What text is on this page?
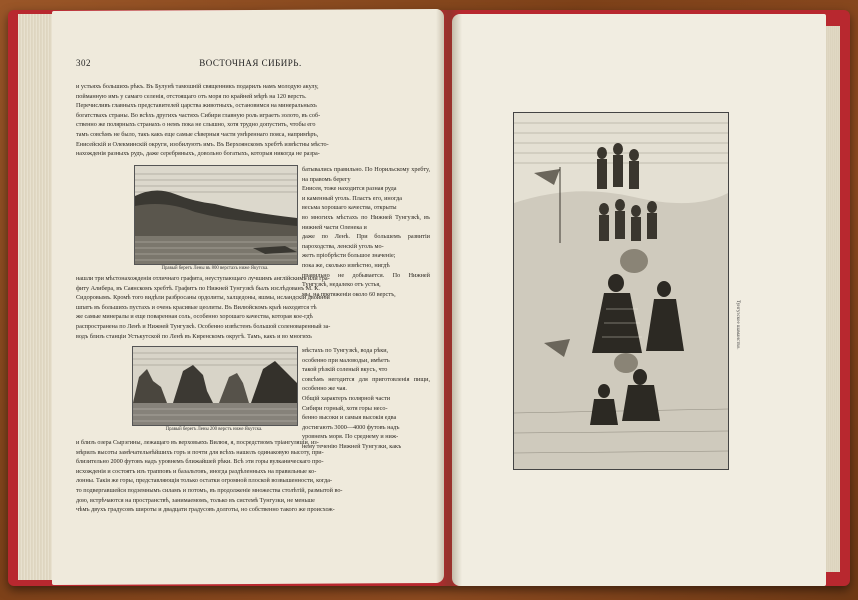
302	ВОСТОЧНАЯ СИБИРЬ.

и устьяхъ большихъ рѣкъ. Въ Булунѣ тамошній священникъ подарилъ намъ молодую акулу,

пойманную имъ у самаго селенія, отстоящаго отъ моря по крайней мѣрѣ на 120 верстъ.

Перечисливъ главныхъ представителей царства животныхъ, остановимся на минеральныхъ

богатствахъ страны. Во всѣхъ другихъ частяхъ Сибири главную роль играетъ золото, въ соб-

ственно же полярныхъ странахъ о немъ пока не слышно, хотя трудно допустить, чтобы его

тамъ совсѣмъ не было, такъ какъ еще самые сѣверныя части умѣреннаго пояса, напримѣръ,

Енисейскій и Олекминскій округи, изобилуютъ имъ. Въ Верхоянскомъ хребтѣ извѣстны мѣсто-

нахожденія разныхъ рудъ, даже серебряныхъ, довольно богатыхъ, которыя никогда не разра-

Правый берегъ Лены въ 800 верстахъ ниже Якутска.

батывались правильно. По Норильскому хребту, на правомъ берегу

Енисея, тоже находится разная руда

и каменный уголь. Пластъ его, иногда

весьма хорошаго качества, открыты

во многихъ мѣстахъ по Нижней Тунгузкѣ, въ нижней части Оленека и

даже по Ленѣ. При большемъ развитіи пароходства, ленскій уголь мо-

жетъ пріобрѣсти большое значеніе;

пока же, сколько извѣстно, нигдѣ

правильно не добывается. По Нижней Тунгузкѣ, недалеко отъ устья,

мы, на протяженіи около 60 верстъ,

нашли три мѣстонахожденія отличнаго графита, неуступающаго лучшимъ англійскимъ или гра-

фиту Алибера, въ Саянскомъ хребтѣ. Графитъ по Нижней Тунгузкѣ былъ изслѣдованъ М. К.

Сидоровымъ. Кромѣ того видѣли разбросаны ордолиты, халцедоны, яшмы, исландскій двойной

шпатъ въ большихъ пустахъ и очень красивые цеолиты. Въ Вилюйскомъ краѣ находятся тѣ

же самые минералы и еще поваренная соль, особенно хорошаго качества, которая кое-гдѣ

распространена по Ленѣ и Нижней Тунгузкѣ. Особенно извѣстенъ большой соленоваренный за-

водъ близъ станціи Устькутской по Ленѣ въ Киренскомъ округѣ. Тамъ, какъ и во многихъ

Правый берегъ Лены 200 верстъ ниже Якутска.

мѣстахъ по Тунгузкѣ, вода рѣки,

особенно при маловодьи, имѣетъ

такой рѣзкій соленый вкусъ, что

совсѣмъ негодится для приготовленія пищи, особенно же чая.

Общій характеръ полярной части

Сибири горный, хотя горы несо-

бенно высоки и самыя высокія едва

достигаютъ 3000—4000 футовъ надъ

уровнемъ моря. По среднему и ниж-

нему теченію Нижней Тунгузки, какъ

и близъ озера Сырэгины, лежащаго въ верховьяхъ Вилюя, я, посредствомъ тріангуляціи, из-

мѣрилъ высоты замѣчательнѣйшихъ горъ и почти для всѣхъ нашелъ одинаковую высоту, при-

близительно 2000 футовъ надъ уровнемъ ближайшей рѣки. Всѣ эти горы вулканическаго про-

исхожденія и состоятъ изъ трапповъ и базальтовъ, иногда раздѣленныхъ на правильные ко-

лонны. Такія же горы, представляющія только остатки огромной плоской возвышенности, когда-

то подвергавшейся подземнымъ силамъ и потомъ, въ продолженіе множества столѣтій, размытой во-

дою, встрѣчаются на пространствѣ, занимаемомъ, только въ системѣ Тунгузки, не меньше

чѣмъ двухъ градусовъ широты и двадцати градусовъ долготы, но собственно такого же происхож-

Тунгузское шаманство.
